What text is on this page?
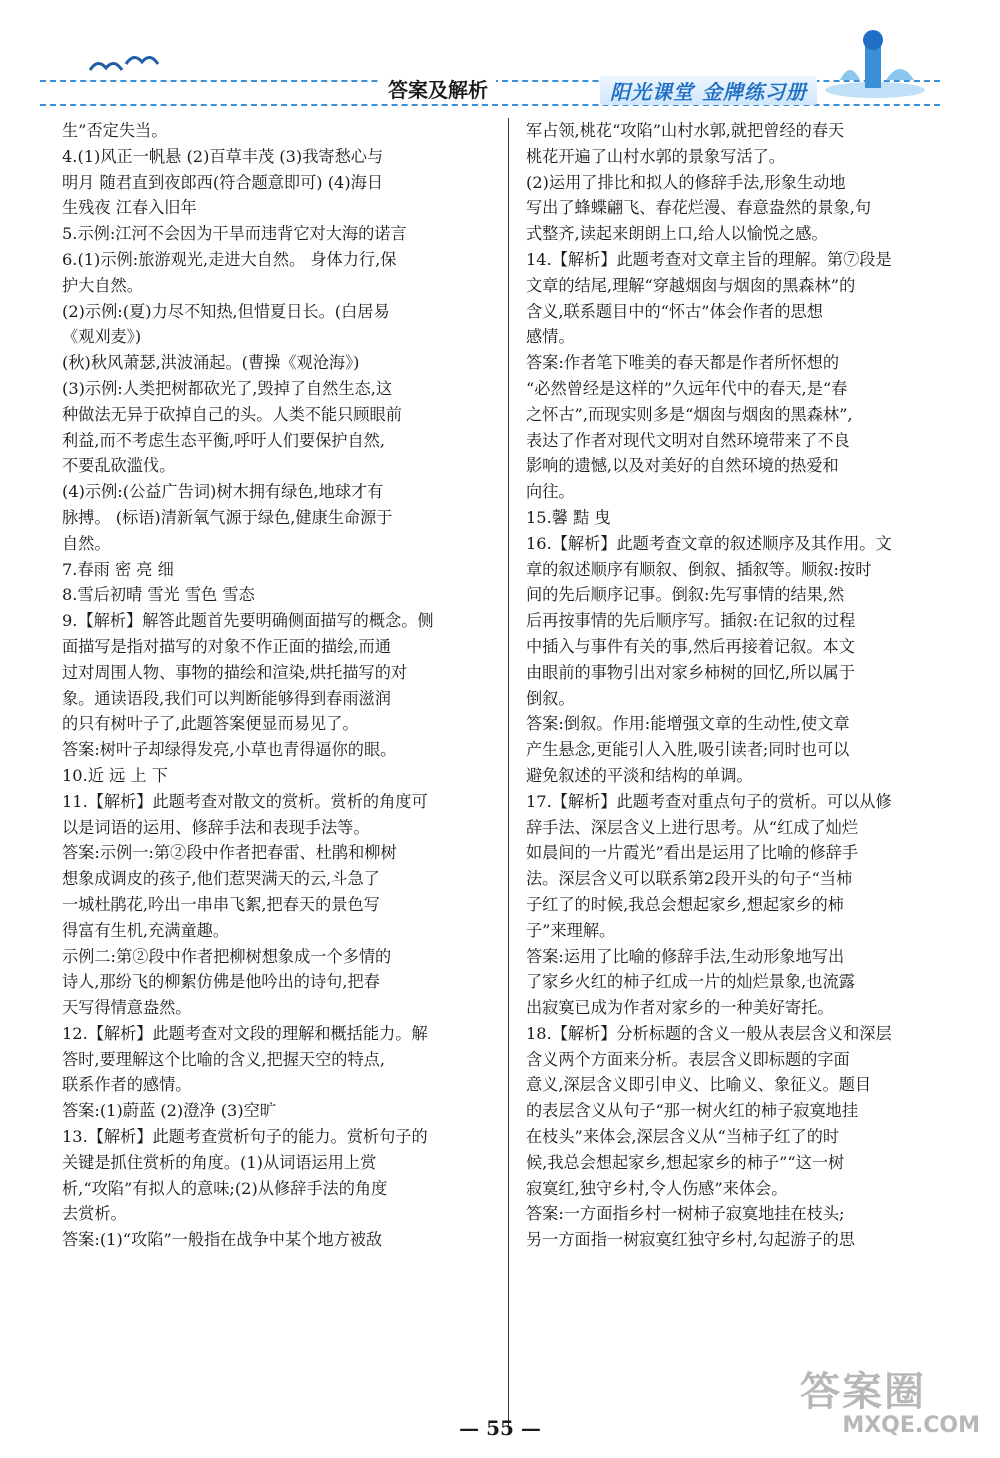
答案及解析	阳光课堂 金牌练习册
生”否定失当。
4.(1)风正一帆悬 (2)百草丰茂 (3)我寄愁心与
明月 随君直到夜郎西(符合题意即可) (4)海日
生残夜 江春入旧年
5.示例:江河不会因为干旱而违背它对大海的诺言
6.(1)示例:旅游观光,走进大自然。 身体力行,保
护大自然。
(2)示例:(夏)力尽不知热,但惜夏日长。(白居易
《观刈麦》)
(秋)秋风萧瑟,洪波涌起。(曹操《观沧海》)
(3)示例:人类把树都砍光了,毁掉了自然生态,这
种做法无异于砍掉自己的头。人类不能只顾眼前
利益,而不考虑生态平衡,呼吁人们要保护自然,
不要乱砍滥伐。
(4)示例:(公益广告词)树木拥有绿色,地球才有
脉搏。 (标语)清新氧气源于绿色,健康生命源于
自然。
7.春雨 密 亮 细
8.雪后初晴 雪光 雪色 雪态
9.【解析】解答此题首先要明确侧面描写的概念。侧
面描写是指对描写的对象不作正面的描绘,而通
过对周围人物、事物的描绘和渲染,烘托描写的对
象。通读语段,我们可以判断能够得到春雨滋润
的只有树叶子了,此题答案便显而易见了。
答案:树叶子却绿得发亮,小草也青得逼你的眼。
10.近 远 上 下
11.【解析】此题考查对散文的赏析。赏析的角度可
以是词语的运用、修辞手法和表现手法等。
答案:示例一:第②段中作者把春雷、杜鹃和柳树
想象成调皮的孩子,他们惹哭满天的云,斗急了
一城杜鹃花,吟出一串串飞絮,把春天的景色写
得富有生机,充满童趣。
示例二:第②段中作者把柳树想象成一个多情的
诗人,那纷飞的柳絮仿佛是他吟出的诗句,把春
天写得情意盎然。
12.【解析】此题考查对文段的理解和概括能力。解
答时,要理解这个比喻的含义,把握天空的特点,
联系作者的感情。
答案:(1)蔚蓝 (2)澄净 (3)空旷
13.【解析】此题考查赏析句子的能力。赏析句子的
关键是抓住赏析的角度。(1)从词语运用上赏
析,“攻陷”有拟人的意味;(2)从修辞手法的角度
去赏析。
答案:(1)“攻陷”一般指在战争中某个地方被敌
军占领,桃花“攻陷”山村水郭,就把曾经的春天
桃花开遍了山村水郭的景象写活了。
(2)运用了排比和拟人的修辞手法,形象生动地
写出了蜂蝶翩飞、春花烂漫、春意盎然的景象,句
式整齐,读起来朗朗上口,给人以愉悦之感。
14.【解析】此题考查对文章主旨的理解。第⑦段是
文章的结尾,理解“穿越烟囱与烟囱的黑森林”的
含义,联系题目中的“怀古”体会作者的思想
感情。
答案:作者笔下唯美的春天都是作者所怀想的
“必然曾经是这样的”久远年代中的春天,是“春
之怀古”,而现实则多是“烟囱与烟囱的黑森林”,
表达了作者对现代文明对自然环境带来了不良
影响的遗憾,以及对美好的自然环境的热爱和
向往。
15.馨 黠 曳
16.【解析】此题考查文章的叙述顺序及其作用。文
章的叙述顺序有顺叙、倒叙、插叙等。顺叙:按时
间的先后顺序记事。倒叙:先写事情的结果,然
后再按事情的先后顺序写。插叙:在记叙的过程
中插入与事件有关的事,然后再接着记叙。本文
由眼前的事物引出对家乡柿树的回忆,所以属于
倒叙。
答案:倒叙。作用:能增强文章的生动性,使文章
产生悬念,更能引人入胜,吸引读者;同时也可以
避免叙述的平淡和结构的单调。
17.【解析】此题考查对重点句子的赏析。可以从修
辞手法、深层含义上进行思考。从“红成了灿烂
如晨间的一片霞光”看出是运用了比喻的修辞手
法。深层含义可以联系第2段开头的句子“当柿
子红了的时候,我总会想起家乡,想起家乡的柿
子”来理解。
答案:运用了比喻的修辞手法,生动形象地写出
了家乡火红的柿子红成一片的灿烂景象,也流露
出寂寞已成为作者对家乡的一种美好寄托。
18.【解析】分析标题的含义一般从表层含义和深层
含义两个方面来分析。表层含义即标题的字面
意义,深层含义即引申义、比喻义、象征义。题目
的表层含义从句子“那一树火红的柿子寂寞地挂
在枝头”来体会,深层含义从“当柿子红了的时
候,我总会想起家乡,想起家乡的柿子”“这一树
寂寞红,独守乡村,令人伤感”来体会。
答案:一方面指乡村一树柿子寂寞地挂在枝头;
另一方面指一树寂寞红独守乡村,勾起游子的思
— 55 —
答案圈
MXQE.COM
